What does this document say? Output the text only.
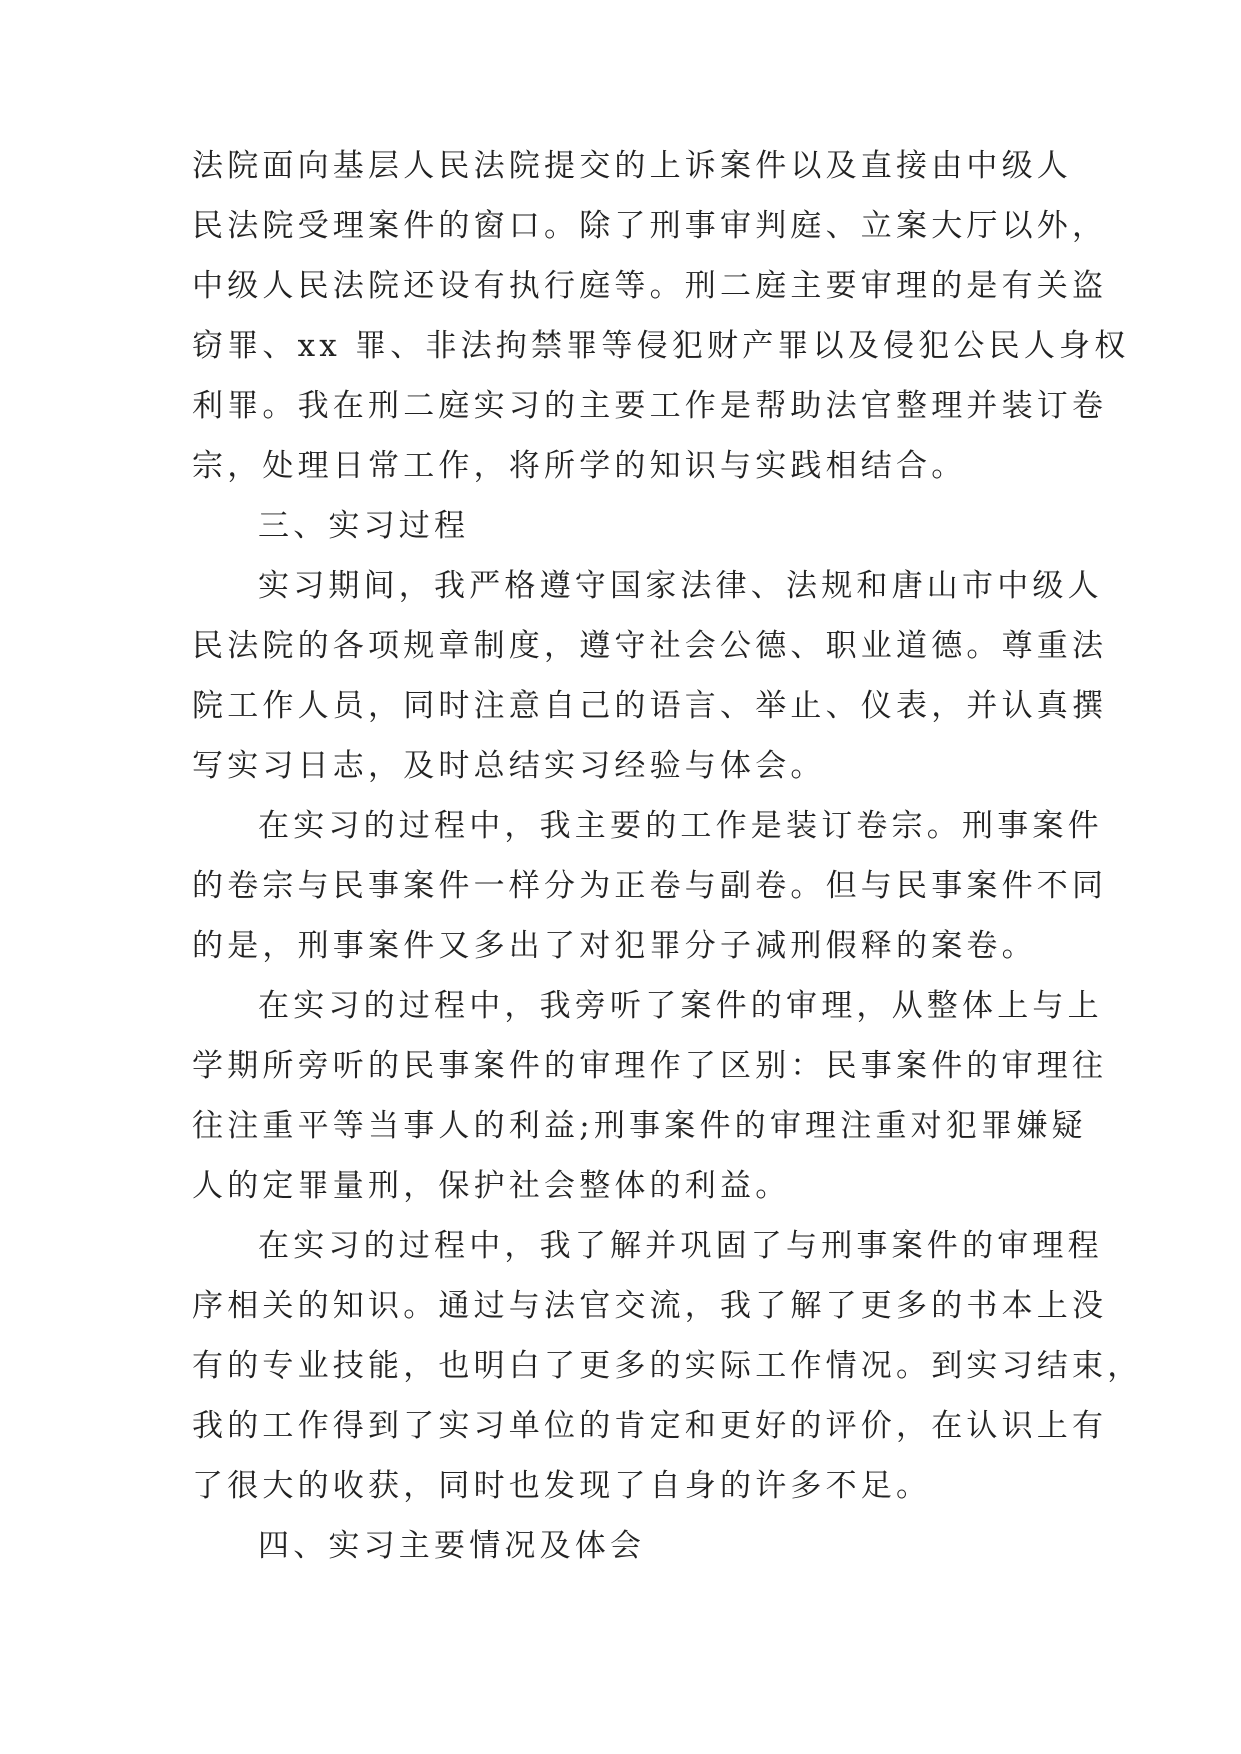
法院面向基层人民法院提交的上诉案件以及直接由中级人
民法院受理案件的窗口。除了刑事审判庭、立案大厅以外，
中级人民法院还设有执行庭等。刑二庭主要审理的是有关盗
窃罪、xx 罪、非法拘禁罪等侵犯财产罪以及侵犯公民人身权
利罪。我在刑二庭实习的主要工作是帮助法官整理并装订卷
宗，处理日常工作，将所学的知识与实践相结合。
三、实习过程
实习期间，我严格遵守国家法律、法规和唐山市中级人
民法院的各项规章制度，遵守社会公德、职业道德。尊重法
院工作人员，同时注意自己的语言、举止、仪表，并认真撰
写实习日志，及时总结实习经验与体会。
在实习的过程中，我主要的工作是装订卷宗。刑事案件
的卷宗与民事案件一样分为正卷与副卷。但与民事案件不同
的是，刑事案件又多出了对犯罪分子减刑假释的案卷。
在实习的过程中，我旁听了案件的审理，从整体上与上
学期所旁听的民事案件的审理作了区别：民事案件的审理往
往注重平等当事人的利益;刑事案件的审理注重对犯罪嫌疑
人的定罪量刑，保护社会整体的利益。
在实习的过程中，我了解并巩固了与刑事案件的审理程
序相关的知识。通过与法官交流，我了解了更多的书本上没
有的专业技能，也明白了更多的实际工作情况。到实习结束，
我的工作得到了实习单位的肯定和更好的评价，在认识上有
了很大的收获，同时也发现了自身的许多不足。
四、实习主要情况及体会
